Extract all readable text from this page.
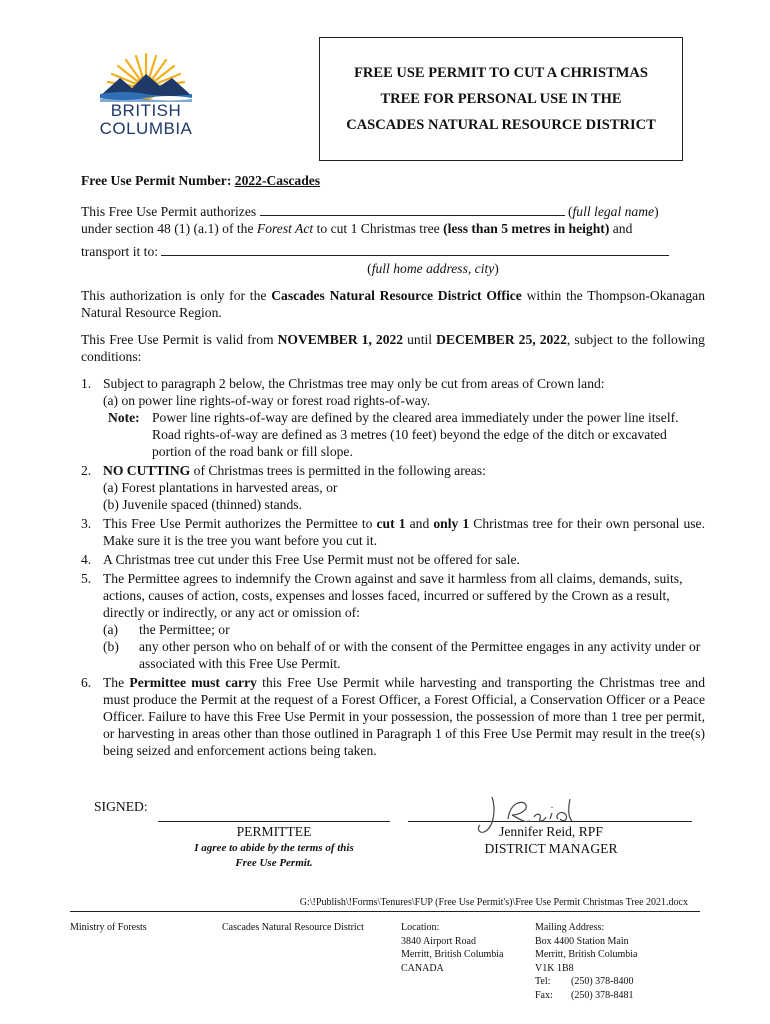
BRITISH
COLUMBIA
FREE USE PERMIT TO CUT A CHRISTMAS
TREE FOR PERSONAL USE IN THE
CASCADES NATURAL RESOURCE DISTRICT

Free Use Permit Number: 2022-Cascades

This Free Use Permit authorizes	(full legal name)
under section 48 (1) (a.1) of the Forest Act to cut 1 Christmas tree (less than 5 metres in height) and

transport it to:

(full home address, city)

This authorization is only for the Cascades Natural Resource District Office within the Thompson-Okanagan Natural Resource Region.

This Free Use Permit is valid from NOVEMBER 1, 2022 until DECEMBER 25, 2022, subject to the following conditions:

1. Subject to paragraph 2 below, the Christmas tree may only be cut from areas of Crown land:
(a) on power line rights-of-way or forest road rights-of-way.
Note: Power line rights-of-way are defined by the cleared area immediately under the power line itself.
Road rights-of-way are defined as 3 metres (10 feet) beyond the edge of the ditch or excavated portion of the road bank or fill slope.
2. NO CUTTING of Christmas trees is permitted in the following areas:
(a) Forest plantations in harvested areas, or
(b) Juvenile spaced (thinned) stands.
3. This Free Use Permit authorizes the Permittee to cut 1 and only 1 Christmas tree for their own personal use. Make sure it is the tree you want before you cut it.
4. A Christmas tree cut under this Free Use Permit must not be offered for sale.
5. The Permittee agrees to indemnify the Crown against and save it harmless from all claims, demands, suits, actions, causes of action, costs, expenses and losses faced, incurred or suffered by the Crown as a result, directly or indirectly, or any act or omission of:
(a) the Permittee; or
(b) any other person who on behalf of or with the consent of the Permittee engages in any activity under or associated with this Free Use Permit.
6. The Permittee must carry this Free Use Permit while harvesting and transporting the Christmas tree and must produce the Permit at the request of a Forest Officer, a Forest Official, a Conservation Officer or a Peace Officer. Failure to have this Free Use Permit in your possession, the possession of more than 1 tree per permit, or harvesting in areas other than those outlined in Paragraph 1 of this Free Use Permit may result in the tree(s) being seized and enforcement actions being taken.
SIGNED:
PERMITTEE
I agree to abide by the terms of this
Free Use Permit.
Jennifer Reid, RPF
DISTRICT MANAGER
G:\!Publish\!Forms\Tenures\FUP (Free Use Permit's)\Free Use Permit Christmas Tree 2021.docx
Ministry of Forests	Cascades Natural Resource District	Location:
3840 Airport Road
Merritt, British Columbia
CANADA
Mailing Address:
Box 4400 Station Main
Merritt, British Columbia
V1K 1B8
Tel: (250) 378-8400
Fax: (250) 378-8481
